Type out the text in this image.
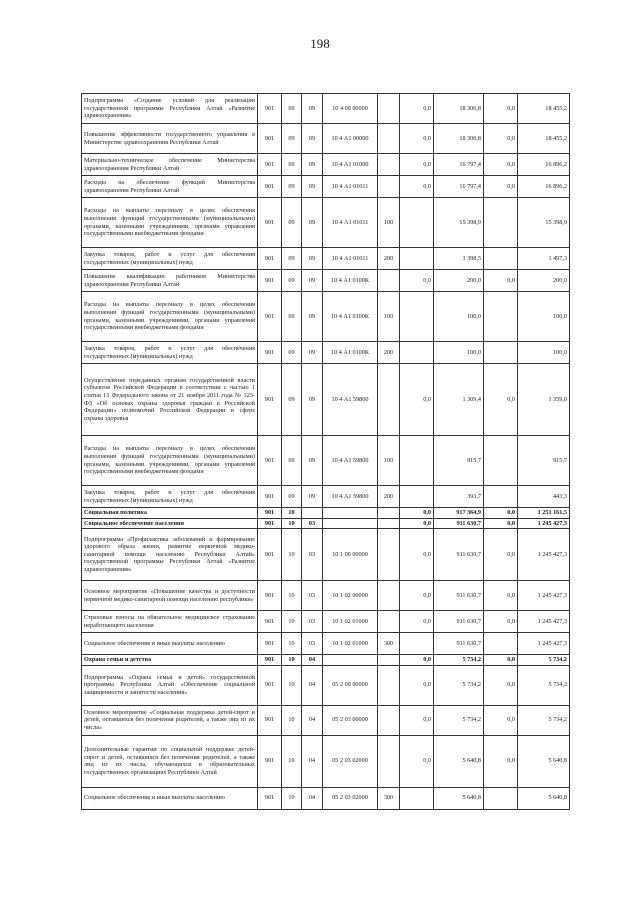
198
Подпрограмма «Создание условий для реализации государственной программы Республики Алтай «Развитие здравоохранения»	901	09	09	10 4 00 00000		0,0	18 306,8	0,0	18 455,2
Повышение эффективности государственного управления в Министерстве здравоохранения Республики Алтай	901	09	09	10 4 А1 00000		0,0	18 306,8	0,0	18 455,2
Материально-техническое обеспечение Министерства здравоохранения Республики Алтай	901	09	09	10 4 А1 01000		0,0	16 797,4	0,0	16 896,2
Расходы на обеспечение функций Министерства здравоохранения Республики Алтай	901	09	09	10 4 А1 01011		0,0	16 797,4	0,0	16 896,2
Расходы на выплаты персоналу в целях обеспечения выполнения функций государственными (муниципальными) органами, казенными учреждениями, органами управления государственными внебюджетными фондами	901	09	09	10 4 А1 01011	100		15 398,9		15 398,9
Закупка товаров, работ и услуг для обеспечения государственных (муниципальных) нужд	901	09	09	10 4 А1 01011	200		1 398,5		1 497,3
Повышение квалификации работников Министерства здравоохранения Республики Алтай	901	09	09	10 4 А1 0100К		0,0	200,0	0,0	200,0
Расходы на выплаты персоналу в целях обеспечения выполнения функций государственными (муниципальными) органами, казенными учреждениями, органами управления государственными внебюджетными фондами	901	09	09	10 4 А1 0100К	100		100,0		100,0
Закупка товаров, работ и услуг для обеспечения государственных (муниципальных) нужд	901	09	09	10 4 А1 0100К	200		100,0		100,0
Осуществление переданных органам государственной власти субъектов Российской Федерации в соответствии с частью 1 статьи 15 Федерального закона от 21 ноября 2011 года № 323-ФЗ «Об основах охраны здоровья граждан в Российской Федерации» полномочий Российской Федерации в сфере охраны здоровья	901	09	09	10 4 А1 59800		0,0	1 309,4	0,0	1 359,0
Расходы на выплаты персоналу в целях обеспечения выполнения функций государственными (муниципальными) органами, казенными учреждениями, органами управления государственными внебюджетными фондами	901	09	09	10 4 А1 59800	100		915,7		915,7
Закупка товаров, работ и услуг для обеспечения государственных (муниципальных) нужд	901	09	09	10 4 А1 59800	200		393,7		443,3
Социальная политика	901	10				0,0	917 364,9	0,0	1 251 161,5
Социальное обеспечение населения	901	10	03			0,0	911 630,7	0,0	1 245 427,3
Подпрограмма «Профилактика заболеваний и формирование здорового образа жизни, развитие первичной медико-санитарной помощи населению Республики Алтай» государственной программы Республики Алтай «Развитие здравоохранения»	901	10	03	10 1 00 00000		0,0	911 630,7	0,0	1 245 427,3
Основное мероприятие «Повышение качества и доступности первичной медико-санитарной помощи населению республики»	901	10	03	10 1 02 00000		0,0	911 630,7	0,0	1 245 427,3
Страховые взносы на обязательное медицинское страхование неработающего населения	901	10	03	10 1 02 01000		0,0	911 630,7	0,0	1 245 427,3
Социальное обеспечение и иные выплаты населению	901	10	03	10 1 02 01000	300		911 630,7		1 245 427,3
Охрана семьи и детства	901	10	04			0,0	5 734,2	0,0	5 734,2
Подпрограмма «Охрана семьи и детей» государственной программы Республики Алтай «Обеспечение социальной защищенности и занятости населения»	901	10	04	05 2 00 00000		0,0	5 734,2	0,0	5 734,2
Основное мероприятие «Социальная поддержка детей-сирот и детей, оставшихся без попечения родителей, а также лиц из их числа»	901	10	04	05 2 03 00000		0,0	5 734,2	0,0	5 734,2
Дополнительные гарантии по социальной поддержке детей-сирот и детей, оставшихся без попечения родителей, а также лиц из их числа, обучающихся в образовательных государственных организациях Республики Алтай	901	10	04	05 2 03 02000		0,0	5 640,8	0,0	5 640,8
Социальное обеспечение и иные выплаты населению	901	10	04	05 2 03 02000	300		5 640,8		5 640,8
